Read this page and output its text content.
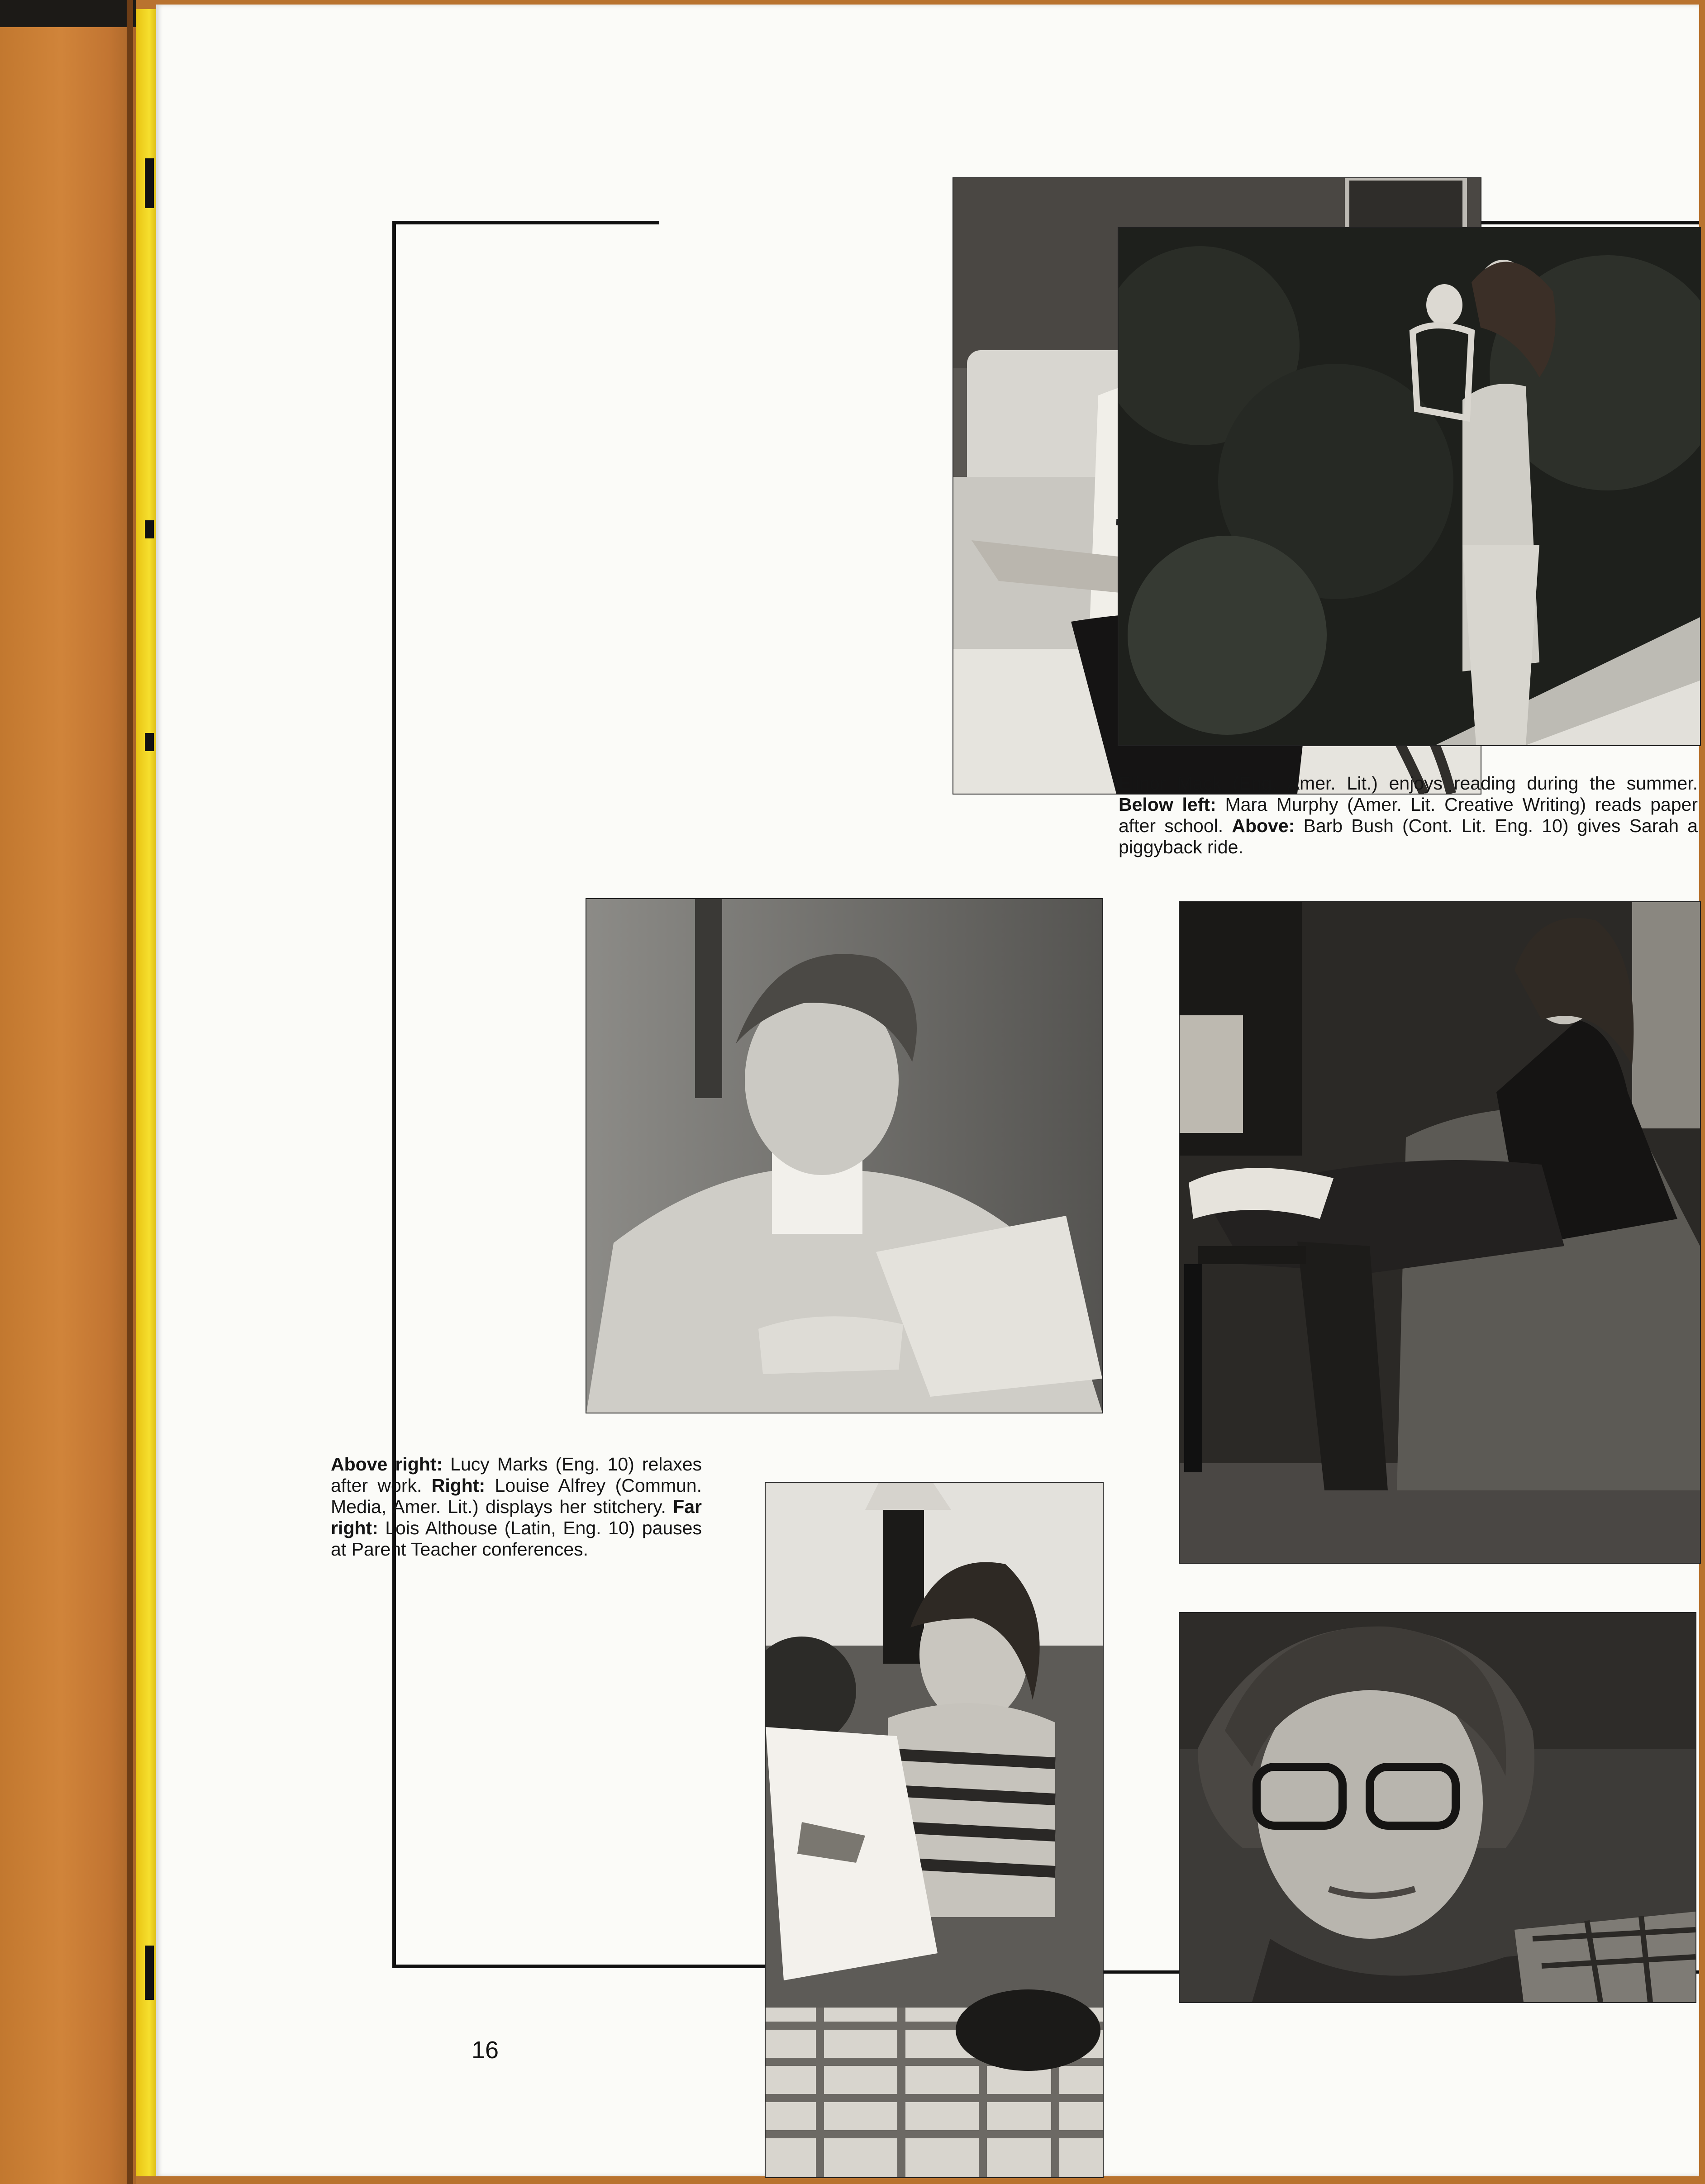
Elinor Mack (Eng. Amer. Lit.) enjoys reading during the summer. Below left: Mara Murphy (Amer. Lit. Creative Writing) reads paper after school. Above: Barb Bush (Cont. Lit. Eng. 10) gives Sarah a piggyback ride.

Above right: Lucy Marks (Eng. 10) relaxes after work. Right: Louise Alfrey (Commun. Media, Amer. Lit.) displays her stitchery. Far right: Lois Althouse (Latin, Eng. 10) pauses at Parent Teacher conferences.

16
